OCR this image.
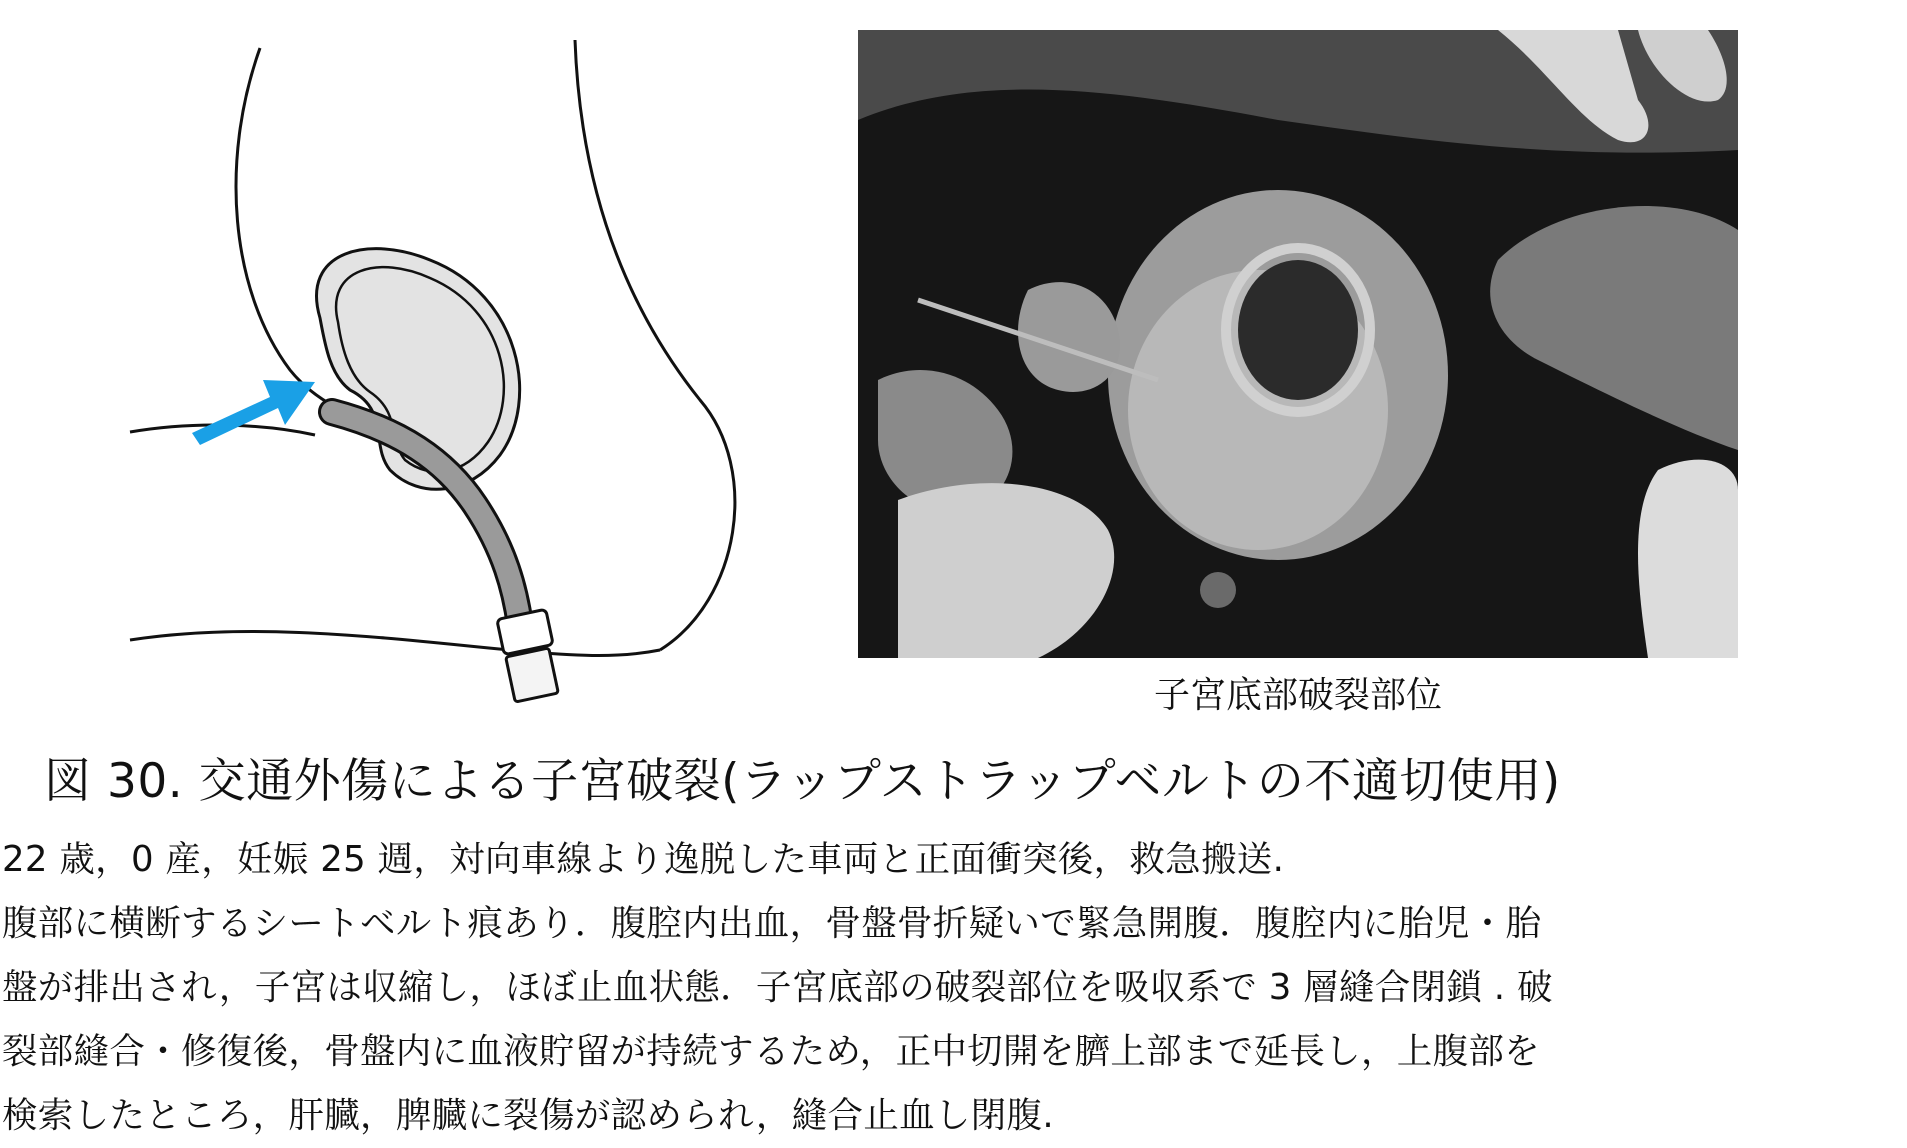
子宮底部破裂部位
図 30. 交通外傷による子宮破裂(ラップストラップベルトの不適切使用)
22 歳，0 産，妊娠 25 週，対向車線より逸脱した車両と正面衝突後，救急搬送.
腹部に横断するシートベルト痕あり．腹腔内出血，骨盤骨折疑いで緊急開腹．腹腔内に胎児・胎
盤が排出され，子宮は収縮し，ほぼ止血状態．子宮底部の破裂部位を吸収系で 3 層縫合閉鎖 . 破
裂部縫合・修復後，骨盤内に血液貯留が持続するため，正中切開を臍上部まで延長し，上腹部を
検索したところ，肝臓，脾臓に裂傷が認められ，縫合止血し閉腹.
